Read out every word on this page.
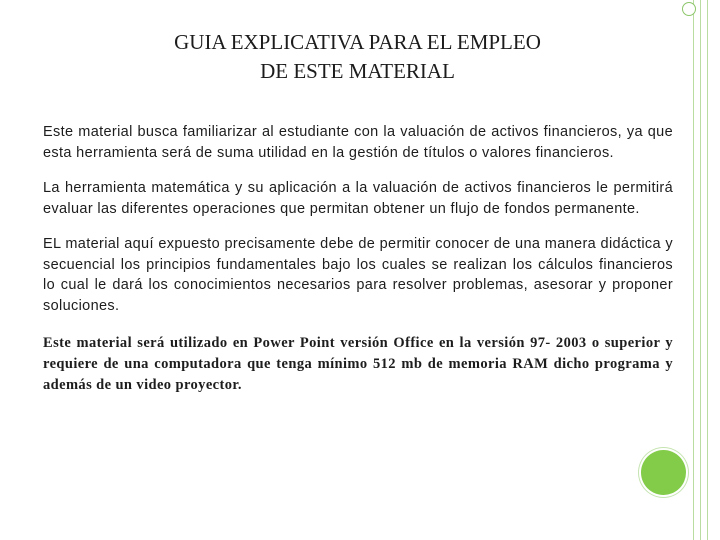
GUIA EXPLICATIVA PARA EL EMPLEO
DE ESTE MATERIAL

Este material busca familiarizar al estudiante con la valuación de activos financieros, ya que esta herramienta será de suma utilidad en la gestión de títulos o valores financieros.

La herramienta matemática y su aplicación a la valuación de activos financieros le permitirá evaluar las diferentes operaciones que permitan obtener un flujo de fondos permanente.

EL material aquí expuesto precisamente debe de permitir conocer de una manera didáctica y secuencial los principios fundamentales bajo los cuales se realizan los cálculos financieros lo cual le dará los conocimientos necesarios para resolver problemas, asesorar y proponer soluciones.

Este material será utilizado en Power Point versión Office en la versión 97- 2003 o superior y requiere de una computadora que tenga mínimo 512 mb de memoria RAM dicho programa y además de un video proyector.
